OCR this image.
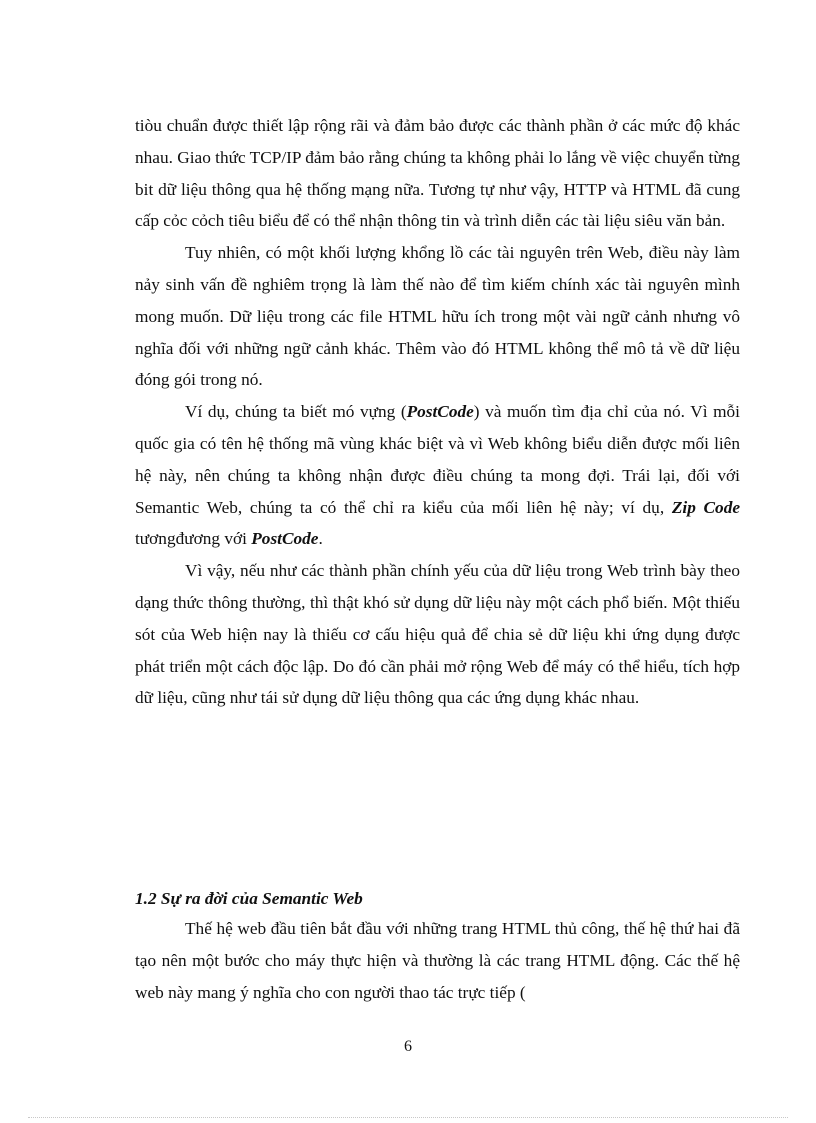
tiòu chuẩn được thiết lập rộng rãi và đảm bảo được các thành phần ở các mức độ khác nhau. Giao thức TCP/IP đảm bảo rằng chúng ta không phải lo lắng về việc chuyển từng bit dữ liệu thông qua hệ thống mạng nữa. Tương tự như vậy, HTTP và HTML đã cung cấp cỏc cỏch tiêu biểu để có thể nhận thông tin và trình diễn các tài liệu siêu văn bản.

Tuy nhiên, có một khối lượng khổng lồ các tài nguyên trên Web, điều này làm nảy sinh vấn đề nghiêm trọng là làm thế nào để tìm kiếm chính xác tài nguyên mình mong muốn. Dữ liệu trong các file HTML hữu ích trong một vài ngữ cảnh nhưng vô nghĩa đối với những ngữ cảnh khác. Thêm vào đó HTML không thể mô tả về dữ liệu đóng gói trong nó.

Ví dụ, chúng ta biết mó vựng (PostCode) và muốn tìm địa chỉ của nó. Vì mỗi quốc gia có tên hệ thống mã vùng khác biệt và vì Web không biểu diễn được mối liên hệ này, nên chúng ta không nhận được điều chúng ta mong đợi. Trái lại, đối với Semantic Web, chúng ta có thể chỉ ra kiểu của mối liên hệ này; ví dụ, Zip Code tươngđương với PostCode.

Vì vậy, nếu như các thành phần chính yếu của dữ liệu trong Web trình bày theo dạng thức thông thường, thì thật khó sử dụng dữ liệu này một cách phổ biến. Một thiếu sót của Web hiện nay là thiếu cơ cấu hiệu quả để chia sẻ dữ liệu khi ứng dụng được phát triển một cách độc lập. Do đó cần phải mở rộng Web để máy có thể hiểu, tích hợp dữ liệu, cũng như tái sử dụng dữ liệu thông qua các ứng dụng khác nhau.

1.2 Sự ra đời của Semantic Web

Thế hệ web đầu tiên bắt đầu với những trang HTML thủ công, thế hệ thứ hai đã tạo nên một bước cho máy thực hiện và thường là các trang HTML động. Các thế hệ web này mang ý nghĩa cho con người thao tác trực tiếp (

6
